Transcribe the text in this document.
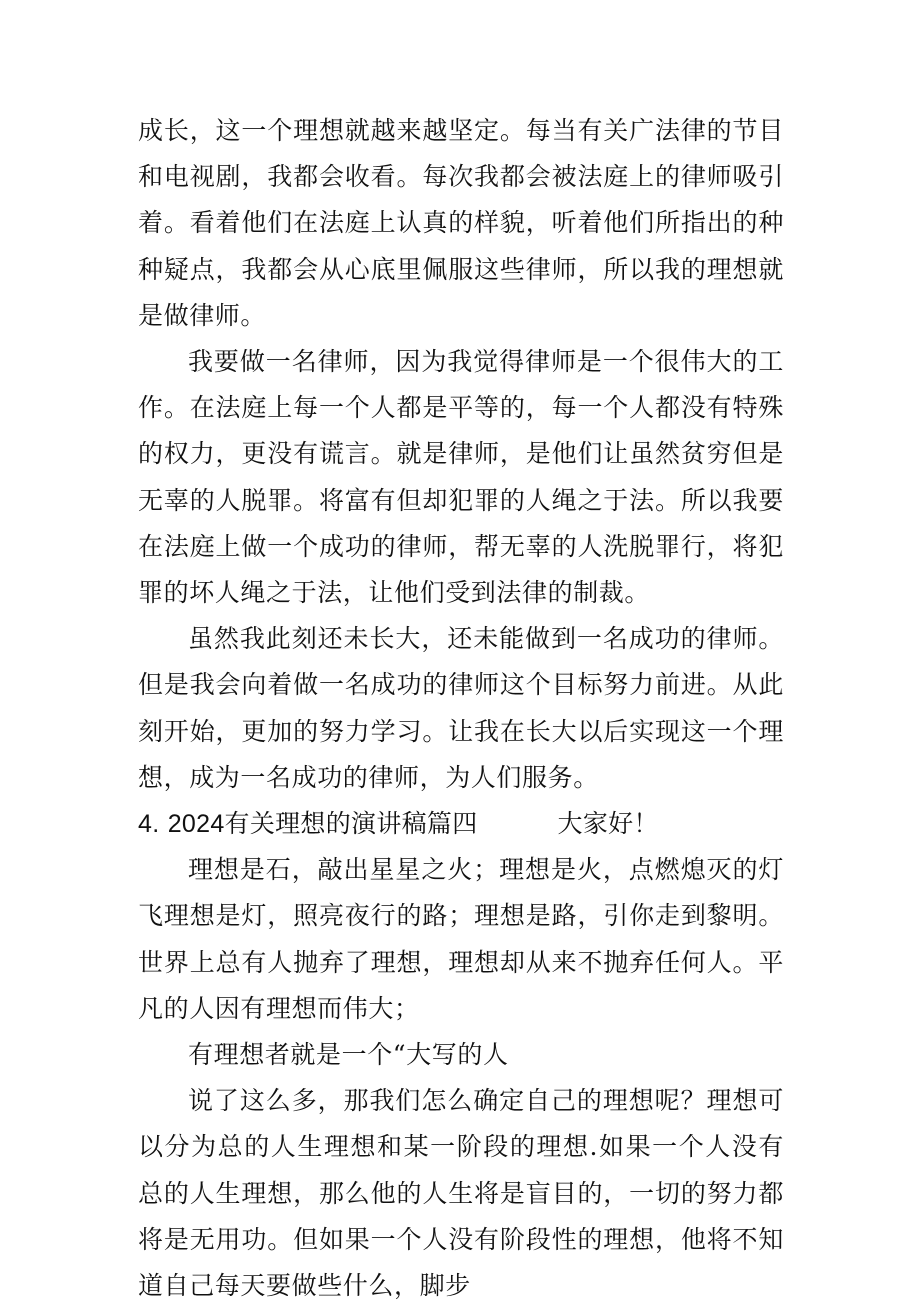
成长，这一个理想就越来越坚定。每当有关广法律的节目和电视剧，我都会收看。每次我都会被法庭上的律师吸引着。看着他们在法庭上认真的样貌，听着他们所指出的种种疑点，我都会从心底里佩服这些律师，所以我的理想就是做律师。

我要做一名律师，因为我觉得律师是一个很伟大的工作。在法庭上每一个人都是平等的，每一个人都没有特殊的权力，更没有谎言。就是律师，是他们让虽然贫穷但是无辜的人脱罪。将富有但却犯罪的人绳之于法。所以我要在法庭上做一个成功的律师，帮无辜的人洗脱罪行，将犯罪的坏人绳之于法，让他们受到法律的制裁。

虽然我此刻还未长大，还未能做到一名成功的律师。但是我会向着做一名成功的律师这个目标努力前进。从此刻开始，更加的努力学习。让我在长大以后实现这一个理想，成为一名成功的律师，为人们服务。

4. 2024有关理想的演讲稿篇四	大家好！

理想是石，敲出星星之火；理想是火，点燃熄灭的灯飞理想是灯，照亮夜行的路；理想是路，引你走到黎明。世界上总有人抛弃了理想，理想却从来不抛弃任何人。平凡的人因有理想而伟大；

有理想者就是一个“大写的人

说了这么多，那我们怎么确定自己的理想呢？理想可以分为总的人生理想和某一阶段的理想.如果一个人没有总的人生理想，那么他的人生将是盲目的，一切的努力都将是无用功。但如果一个人没有阶段性的理想，他将不知道自己每天要做些什么，脚步
